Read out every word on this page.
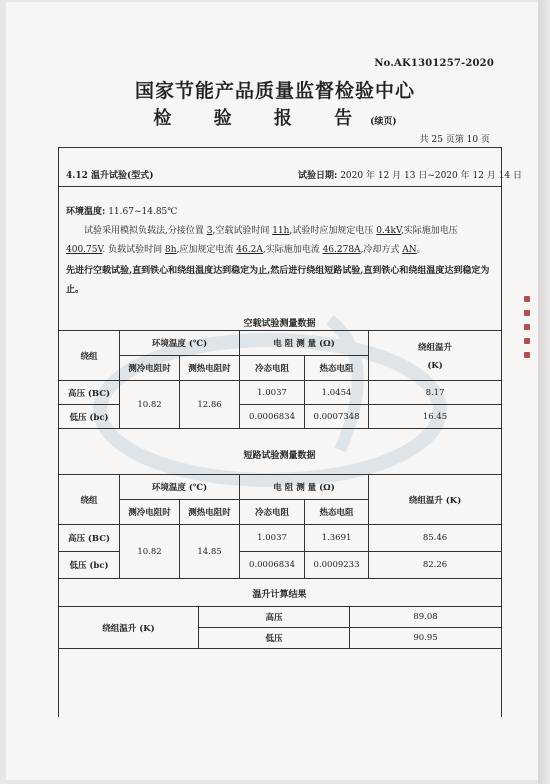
No.AK1301257-2020
国家节能产品质量监督检验中心
检 验 报 告(续页)
共 25 页第 10 页
4.12 温升试验(型式)	试验日期: 2020 年 12 月 13 日~2020 年 12 月 14 日
环境温度: 11.67~14.85℃
试验采用模拟负载法,分接位置 3,空载试验时间 11h,试验时应加规定电压 0.4kV,实际施加电压400.75V. 负载试验时间 8h,应加规定电流 46.2A,实际施加电流 46.278A,冷却方式 AN。
先进行空载试验,直到铁心和绕组温度达到稳定为止,然后进行绕组短路试验,直到铁心和绕组温度达到稳定为止。
空载试验测量数据
绕组	环境温度 (℃)		电 阻 测 量 (Ω)		绕组温升
(K)

	测冷电阻时	测热电阻时	冷态电阻	热态电阻	
高压 (BC)	10.82	12.86	1.0037	1.0454	8.17
低压 (bc)			0.0006834	0.0007348	16.45
短路试验测量数据
绕组	环境温度 (℃)		电 阻 测 量 (Ω)		绕组温升 (K)
	测冷电阻时	测热电阻时	冷态电阻	热态电阻	
高压 (BC)	10.82	14.85	1.0037	1.3691	85.46
低压 (bc)			0.0006834	0.0009233	82.26
温升计算结果
绕组温升 (K)	高压	89.08
	低压	90.95
